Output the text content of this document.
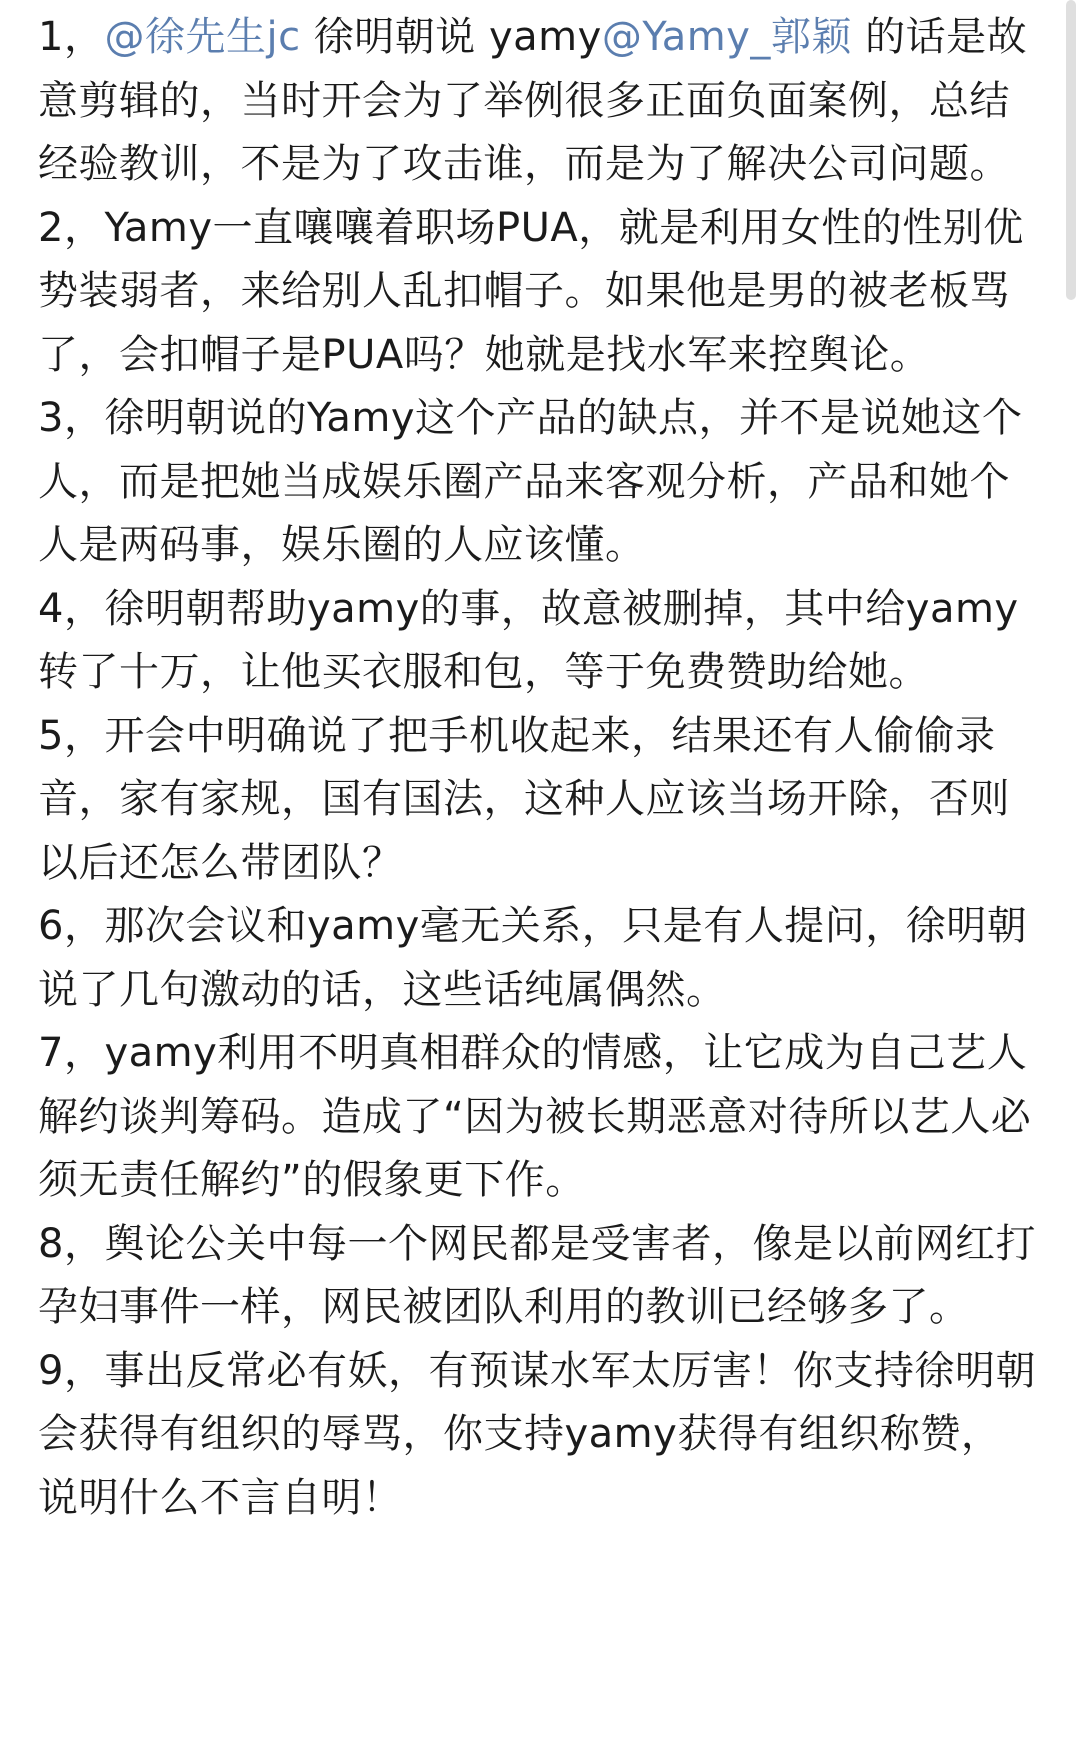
1，@徐先生jc 徐明朝说 yamy@Yamy_郭颖 的话是故意剪辑的，当时开会为了举例很多正面负面案例，总结经验教训，不是为了攻击谁，而是为了解决公司问题。

2，Yamy一直嚷嚷着职场PUA，就是利用女性的性别优势装弱者，来给别人乱扣帽子。如果他是男的被老板骂了，会扣帽子是PUA吗？她就是找水军来控舆论。

3，徐明朝说的Yamy这个产品的缺点，并不是说她这个人，而是把她当成娱乐圈产品来客观分析，产品和她个人是两码事，娱乐圈的人应该懂。

4，徐明朝帮助yamy的事，故意被删掉，其中给yamy转了十万，让他买衣服和包，等于免费赞助给她。

5，开会中明确说了把手机收起来，结果还有人偷偷录音，家有家规，国有国法，这种人应该当场开除，否则以后还怎么带团队？

6，那次会议和yamy毫无关系，只是有人提问，徐明朝说了几句激动的话，这些话纯属偶然。

7，yamy利用不明真相群众的情感，让它成为自己艺人解约谈判筹码。造成了“因为被长期恶意对待所以艺人必须无责任解约”的假象更下作。

8，舆论公关中每一个网民都是受害者，像是以前网红打孕妇事件一样，网民被团队利用的教训已经够多了。

9，事出反常必有妖，有预谋水军太厉害！你支持徐明朝会获得有组织的辱骂，你支持yamy获得有组织称赞，说明什么不言自明！
